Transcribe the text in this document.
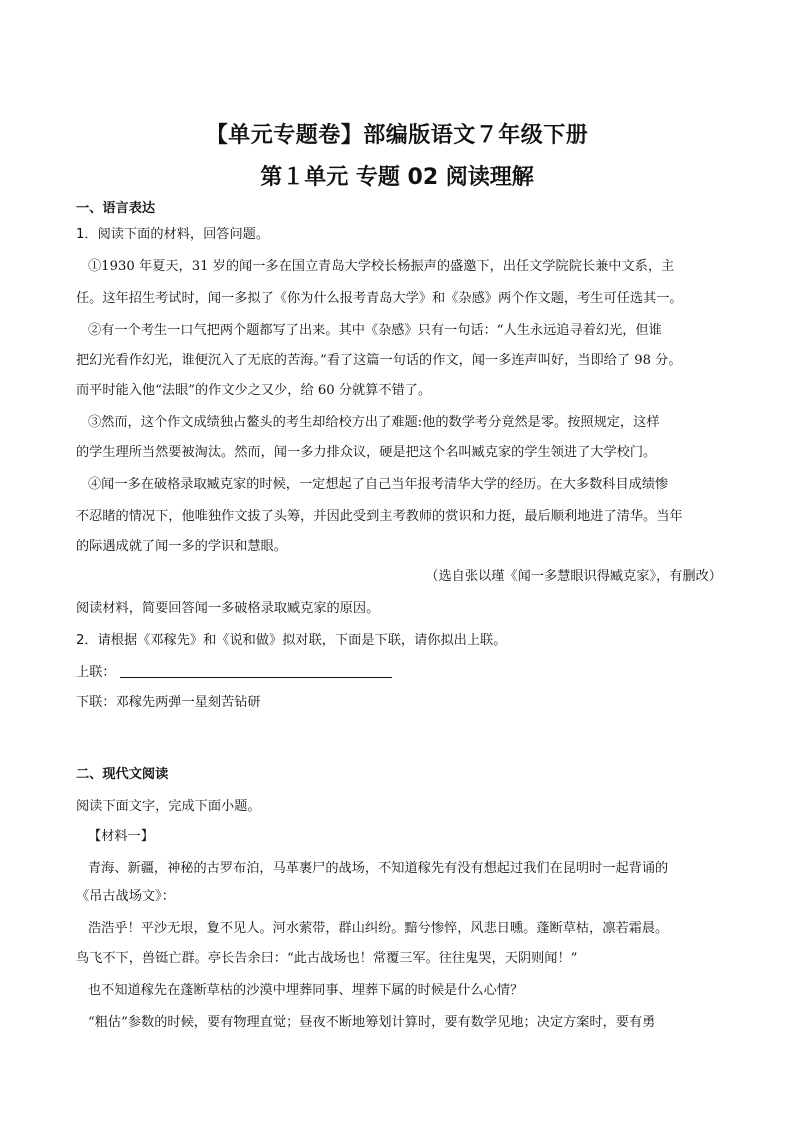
【单元专题卷】部编版语文７年级下册
第１单元 专题 02 阅读理解
一、语言表达
1．阅读下面的材料，回答问题。
①1930 年夏天，31 岁的闻一多在国立青岛大学校长杨振声的盛邀下，出任文学院院长兼中文系，主
任。这年招生考试时，闻一多拟了《你为什么报考青岛大学》和《杂感》两个作文题，考生可任选其一。
②有一个考生一口气把两个题都写了出来。其中《杂感》只有一句话：“人生永远追寻着幻光，但谁
把幻光看作幻光，谁便沉入了无底的苦海。”看了这篇一句话的作文，闻一多连声叫好，当即给了 98 分。
而平时能入他“法眼”的作文少之又少，给 60 分就算不错了。
③然而，这个作文成绩独占鳌头的考生却给校方出了难题:他的数学考分竟然是零。按照规定，这样
的学生理所当然要被淘汰。然而，闻一多力排众议，硬是把这个名叫臧克家的学生领进了大学校门。
④闻一多在破格录取臧克家的时候，一定想起了自己当年报考清华大学的经历。在大多数科目成绩惨
不忍睹的情况下，他唯独作文拔了头筹，并因此受到主考教师的赏识和力挺，最后顺利地进了清华。当年
的际遇成就了闻一多的学识和慧眼。
（选自张以瑾《闻一多慧眼识得臧克家》，有删改）
阅读材料，简要回答闻一多破格录取臧克家的原因。
2．请根据《邓稼先》和《说和做》拟对联，下面是下联，请你拟出上联。
上联：
下联：邓稼先两弹一星刻苦钻研
二、现代文阅读
阅读下面文字，完成下面小题。
【材料一】
青海、新疆，神秘的古罗布泊，马革裹尸的战场，不知道稼先有没有想起过我们在昆明时一起背诵的
《吊古战场文》：
浩浩乎！平沙无垠，夐不见人。河水萦带，群山纠纷。黯兮惨悴，风悲日曛。蓬断草枯，凛若霜晨。
鸟飞不下，兽铤亡群。亭长告余曰：“此古战场也！常覆三军。往往鬼哭，天阴则闻！”
也不知道稼先在蓬断草枯的沙漠中埋葬同事、埋葬下属的时候是什么心情？
“粗估”参数的时候，要有物理直觉；昼夜不断地筹划计算时，要有数学见地；决定方案时，要有勇
